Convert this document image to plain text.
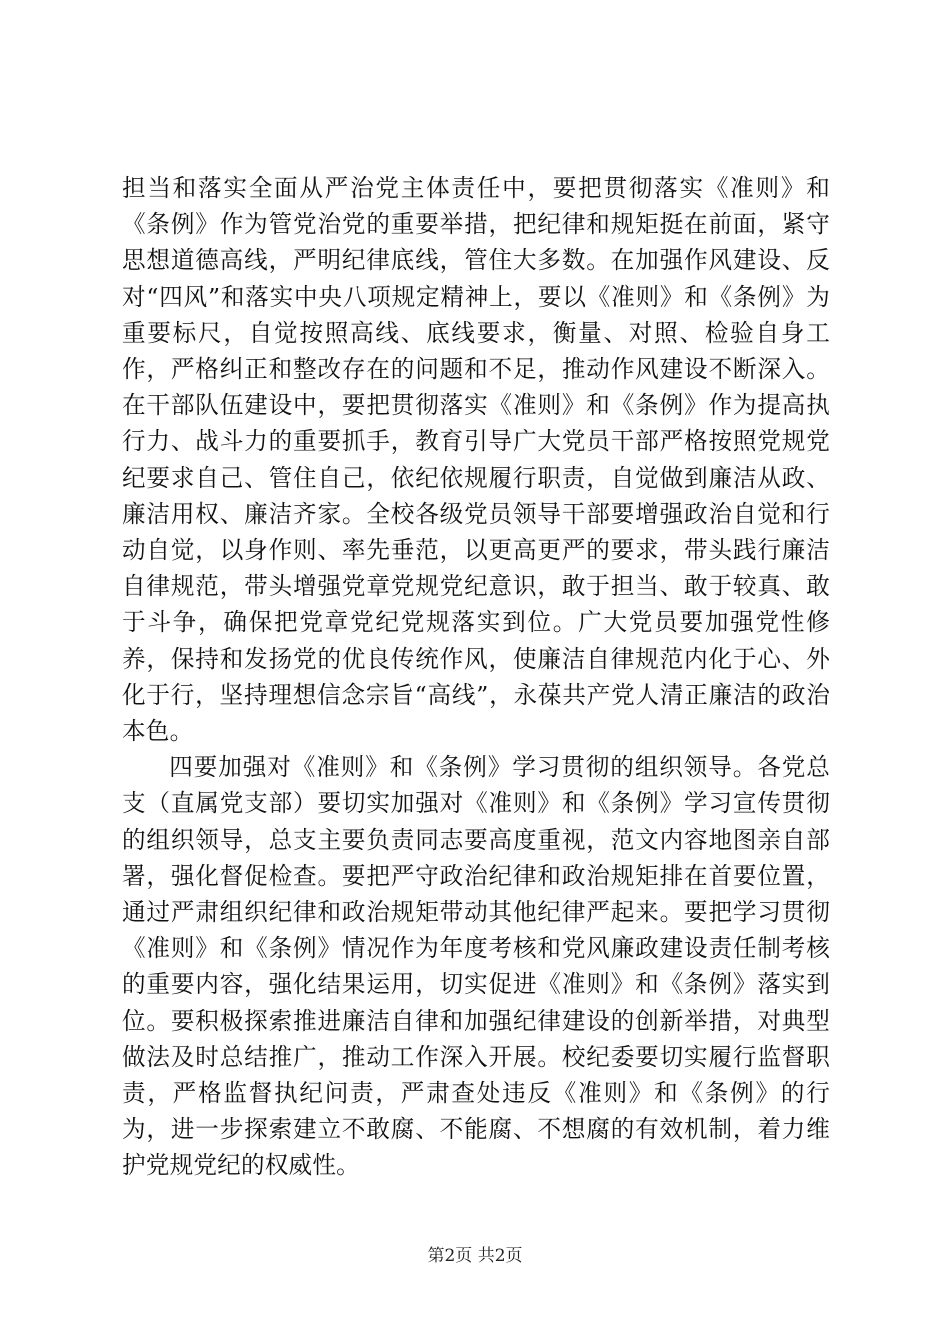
担当和落实全面从严治党主体责任中，要把贯彻落实《准则》和《条例》作为管党治党的重要举措，把纪律和规矩挺在前面，紧守思想道德高线，严明纪律底线，管住大多数。在加强作风建设、反对“四风”和落实中央八项规定精神上，要以《准则》和《条例》为重要标尺，自觉按照高线、底线要求，衡量、对照、检验自身工作，严格纠正和整改存在的问题和不足，推动作风建设不断深入。在干部队伍建设中，要把贯彻落实《准则》和《条例》作为提高执行力、战斗力的重要抓手，教育引导广大党员干部严格按照党规党纪要求自己、管住自己，依纪依规履行职责，自觉做到廉洁从政、廉洁用权、廉洁齐家。全校各级党员领导干部要增强政治自觉和行动自觉，以身作则、率先垂范，以更高更严的要求，带头践行廉洁自律规范，带头增强党章党规党纪意识，敢于担当、敢于较真、敢于斗争，确保把党章党纪党规落实到位。广大党员要加强党性修养，保持和发扬党的优良传统作风，使廉洁自律规范内化于心、外化于行，坚持理想信念宗旨“高线”，永葆共产党人清正廉洁的政治本色。

四要加强对《准则》和《条例》学习贯彻的组织领导。各党总支（直属党支部）要切实加强对《准则》和《条例》学习宣传贯彻的组织领导，总支主要负责同志要高度重视，范文内容地图亲自部署，强化督促检查。要把严守政治纪律和政治规矩排在首要位置，通过严肃组织纪律和政治规矩带动其他纪律严起来。要把学习贯彻《准则》和《条例》情况作为年度考核和党风廉政建设责任制考核的重要内容，强化结果运用，切实促进《准则》和《条例》落实到位。要积极探索推进廉洁自律和加强纪律建设的创新举措，对典型做法及时总结推广，推动工作深入开展。校纪委要切实履行监督职责，严格监督执纪问责，严肃查处违反《准则》和《条例》的行为，进一步探索建立不敢腐、不能腐、不想腐的有效机制，着力维护党规党纪的权威性。

第2页 共2页
